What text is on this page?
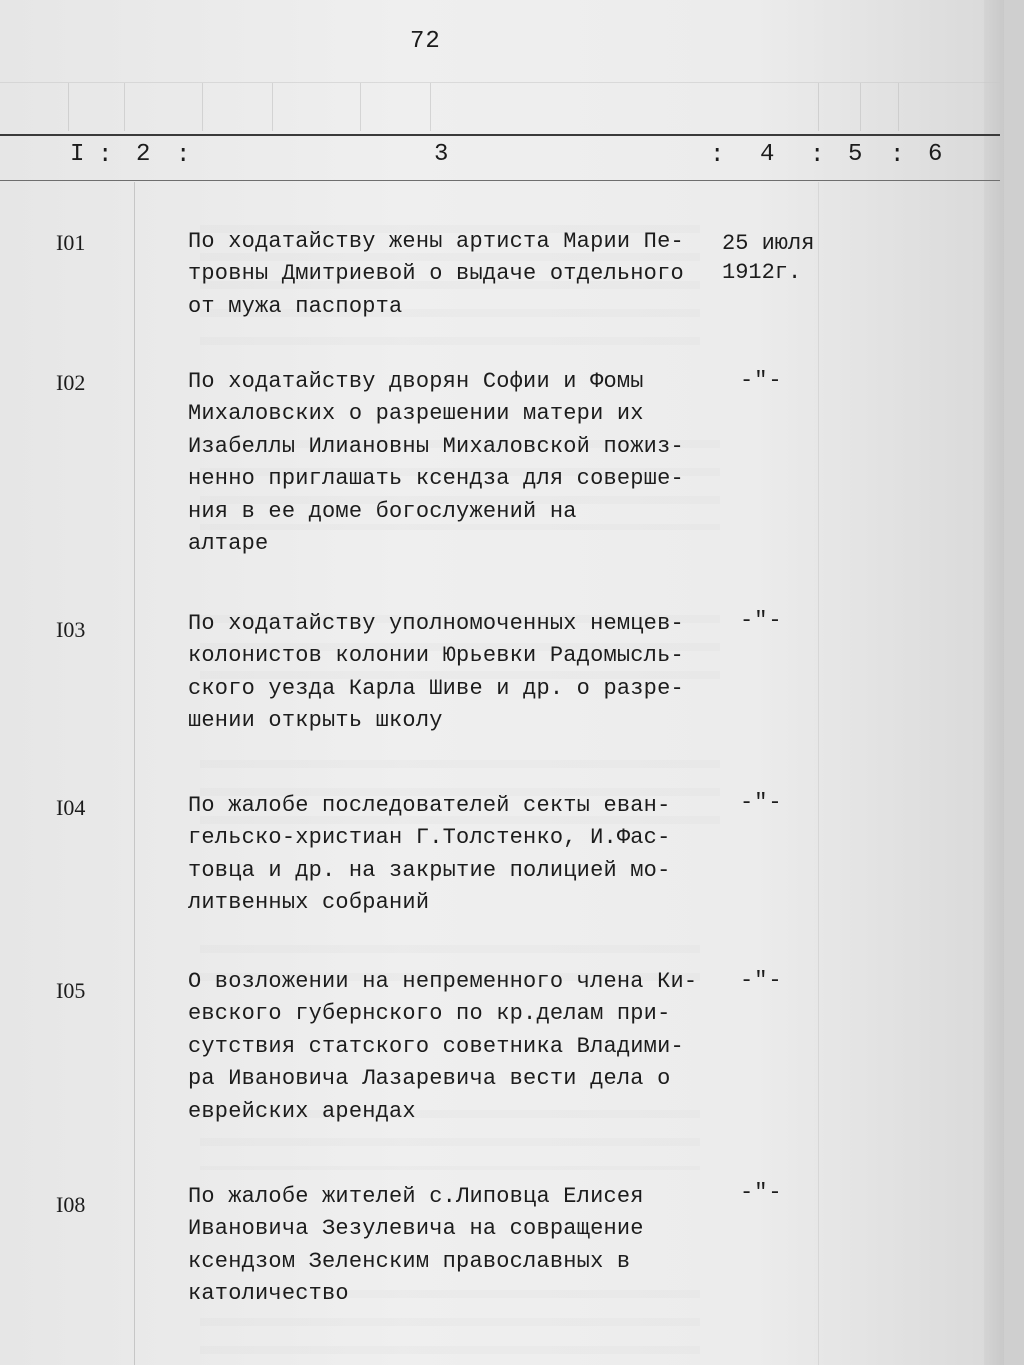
72
I : 2 :	3	: 4 : 5 : 6
I01	По ходатайству жены артиста Марии Пе-
тровны Дмитриевой о выдаче отдельного
от мужа паспорта
25 июля
1912г.
I02	По ходатайству дворян Софии и Фомы
Михаловских о разрешении матери их
Изабеллы Илиановны Михаловской пожиз-
ненно приглашать ксендза для соверше-
ния в ее доме богослужений на
алтаре
-"-
I03	По ходатайству уполномоченных немцев-
колонистов колонии Юрьевки Радомысль-
ского уезда Карла Шиве и др. о разре-
шении открыть школу
-"-
I04	По жалобе последователей секты еван-
гельско-христиан Г.Толстенко, И.Фас-
товца и др. на закрытие полицией мо-
литвенных собраний
-"-
I05	О возложении на непременного члена Ки-
евского губернского по кр.делам при-
сутствия статского советника Владими-
ра Ивановича Лазаревича вести дела о
еврейских арендах
-"-
I08	По жалобе жителей с.Липовца Елисея
Ивановича Зезулевича на совращение
ксендзом Зеленским православных в
католичество
-"-
